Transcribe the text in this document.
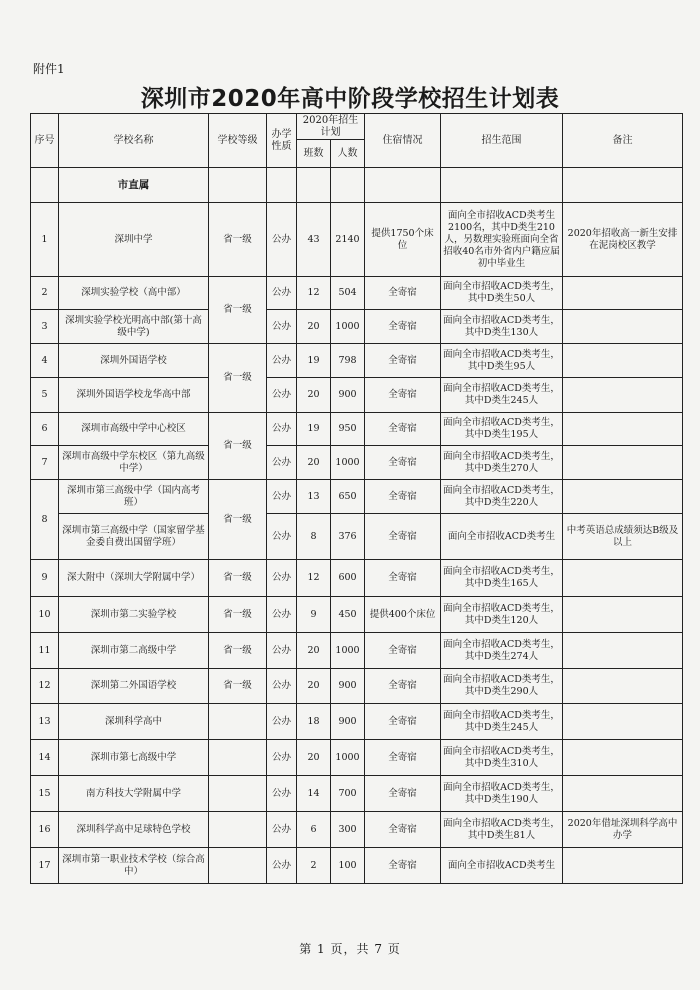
附件1
深圳市2020年高中阶段学校招生计划表
序号	学校名称	学校等级	办学性质	2020年招生计划		住宿情况	招生范围	备注
				班数	人数			
	市直属							
1	深圳中学	省一级	公办	43	2140	提供1750个床位	面向全市招收ACD类考生2100名，其中D类生210人，另数理实验班面向全省招收40名市外省内户籍应届初中毕业生	2020年招收高一新生安排在泥岗校区教学
2	深圳实验学校（高中部）	省一级	公办	12	504	全寄宿	面向全市招收ACD类考生，其中D类生50人	
3	深圳实验学校光明高中部(第十高级中学)		公办	20	1000	全寄宿	面向全市招收ACD类考生，其中D类生130人	
4	深圳外国语学校	省一级	公办	19	798	全寄宿	面向全市招收ACD类考生，其中D类生95人	
5	深圳外国语学校龙华高中部		公办	20	900	全寄宿	面向全市招收ACD类考生，其中D类生245人	
6	深圳市高级中学中心校区	省一级	公办	19	950	全寄宿	面向全市招收ACD类考生，其中D类生195人	
7	深圳市高级中学东校区（第九高级中学）		公办	20	1000	全寄宿	面向全市招收ACD类考生，其中D类生270人	
8	深圳市第三高级中学（国内高考班）	省一级	公办	13	650	全寄宿	面向全市招收ACD类考生，其中D类生220人	
	深圳市第三高级中学（国家留学基金委自费出国留学班）		公办	8	376	全寄宿	面向全市招收ACD类考生	中考英语总成绩须达B级及以上
9	深大附中（深圳大学附属中学）	省一级	公办	12	600	全寄宿	面向全市招收ACD类考生，其中D类生165人	
10	深圳市第二实验学校	省一级	公办	9	450	提供400个床位	面向全市招收ACD类考生，其中D类生120人	
11	深圳市第二高级中学	省一级	公办	20	1000	全寄宿	面向全市招收ACD类考生，其中D类生274人	
12	深圳第二外国语学校	省一级	公办	20	900	全寄宿	面向全市招收ACD类考生，其中D类生290人	
13	深圳科学高中		公办	18	900	全寄宿	面向全市招收ACD类考生，其中D类生245人	
14	深圳市第七高级中学		公办	20	1000	全寄宿	面向全市招收ACD类考生，其中D类生310人	
15	南方科技大学附属中学		公办	14	700	全寄宿	面向全市招收ACD类考生，其中D类生190人	
16	深圳科学高中足球特色学校		公办	6	300	全寄宿	面向全市招收ACD类考生，其中D类生81人	2020年借址深圳科学高中办学
17	深圳市第一职业技术学校（综合高中）		公办	2	100	全寄宿	面向全市招收ACD类考生	
第 1 页，共 7 页
